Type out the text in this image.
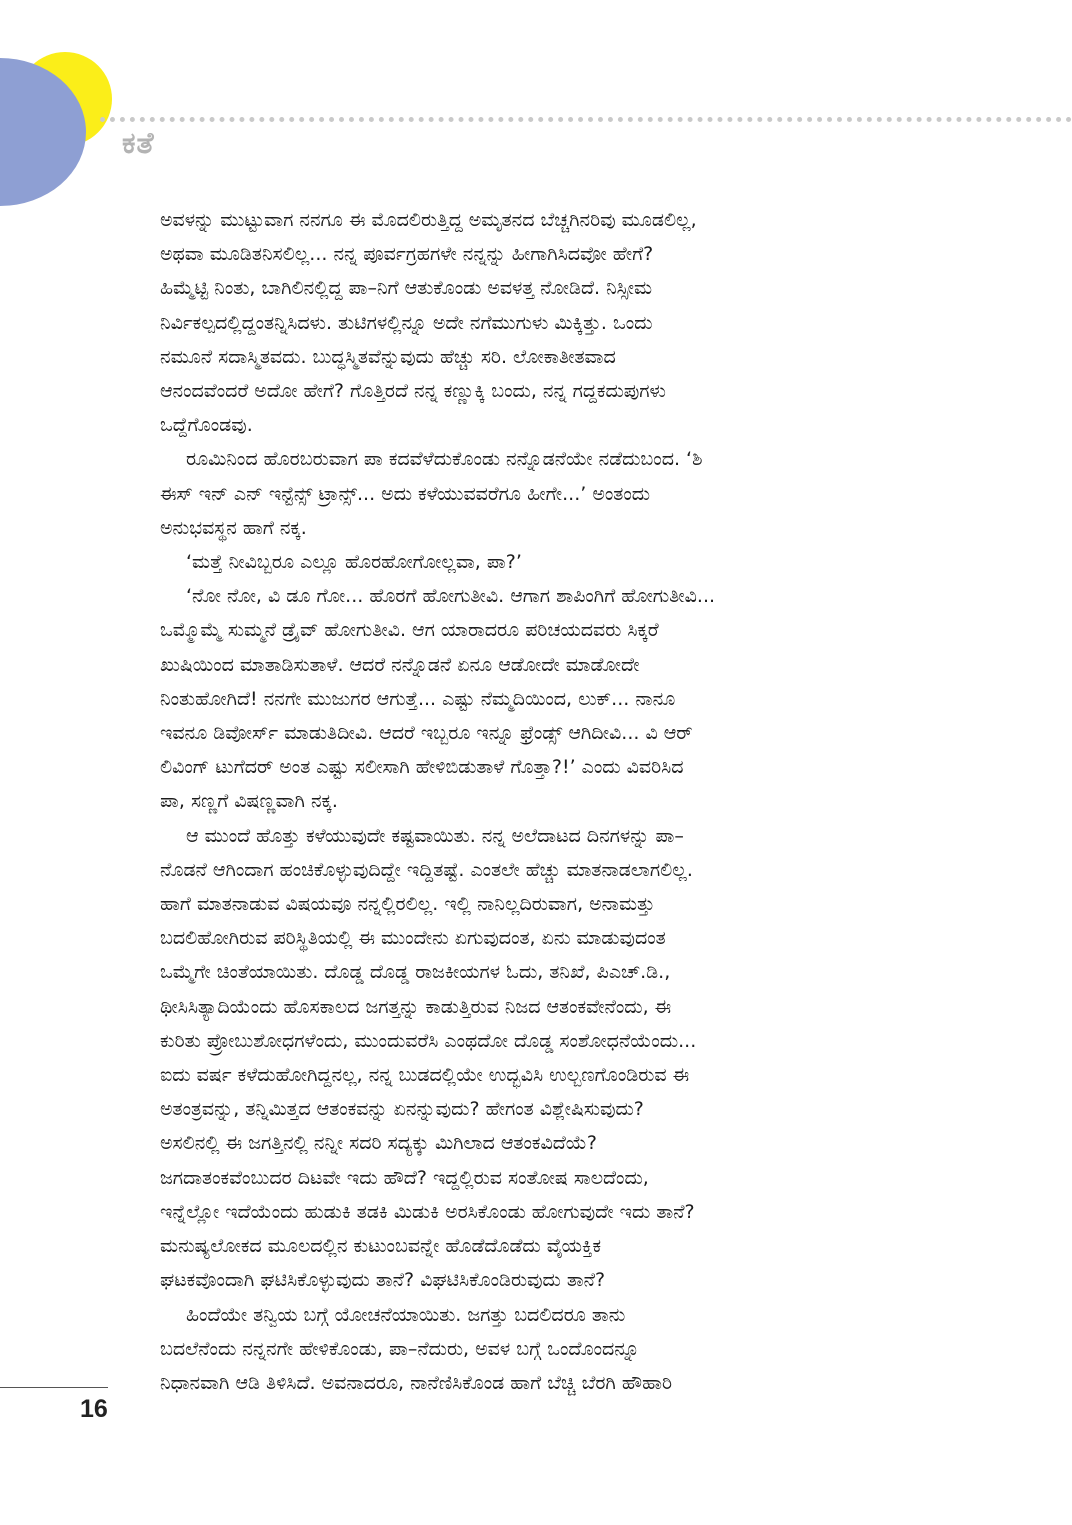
ಕತೆ

ಅವಳನ್ನು ಮುಟ್ಟುವಾಗ ನನಗೂ ಈ ಮೊದಲಿರುತ್ತಿದ್ದ ಅಮೃತನದ ಬೆಚ್ಚಗಿನರಿವು ಮೂಡಲಿಲ್ಲ,
ಅಥವಾ ಮೂಡಿತನಿಸಲಿಲ್ಲ... ನನ್ನ ಪೂರ್ವಗ್ರಹಗಳೇ ನನ್ನನ್ನು ಹೀಗಾಗಿಸಿದವೋ ಹೇಗೆ?
ಹಿಮ್ಮೆಟ್ಟಿ ನಿಂತು, ಬಾಗಿಲಿನಲ್ಲಿದ್ದ ಪಾ–ನಿಗೆ ಆತುಕೊಂಡು ಅವಳತ್ತ ನೋಡಿದೆ. ನಿಸ್ಸೀಮ
ನಿರ್ವಿಕಲ್ಪದಲ್ಲಿದ್ದಂತನ್ನಿಸಿದಳು. ತುಟಿಗಳಲ್ಲಿನ್ನೂ ಅದೇ ನಗೆಮುಗುಳು ಮಿಕ್ಕಿತ್ತು. ಒಂದು
ನಮೂನೆ ಸದಾಸ್ಮಿತವದು. ಬುದ್ಧಸ್ಮಿತವೆನ್ನುವುದು ಹೆಚ್ಚು ಸರಿ. ಲೋಕಾತೀತವಾದ
ಆನಂದವೆಂದರೆ ಅದೋ ಹೇಗೆ? ಗೊತ್ತಿರದೆ ನನ್ನ ಕಣ್ಣುಕ್ಕಿ ಬಂದು, ನನ್ನ ಗದ್ದಕದುಪುಗಳು
ಒದ್ದೆಗೊಂಡವು.

ರೂಮಿನಿಂದ ಹೊರಬರುವಾಗ ಪಾ ಕದವೆಳೆದುಕೊಂಡು ನನ್ನೊಡನೆಯೇ ನಡೆದುಬಂದ. ‘ಶಿ
ಈಸ್ ಇನ್ ಎನ್ ಇನ್ಟೆನ್ಸ್ ಟ್ರಾನ್ಸ್... ಅದು ಕಳೆಯುವವರೆಗೂ ಹೀಗೇ...’ ಅಂತಂದು
ಅನುಭವಸ್ಥನ ಹಾಗೆ ನಕ್ಕ.

‘ಮತ್ತೆ ನೀವಿಬ್ಬರೂ ಎಲ್ಲೂ ಹೊರಹೋಗೋಲ್ಲವಾ, ಪಾ?’

‘ನೋ ನೋ, ವಿ ಡೂ ಗೋ... ಹೊರಗೆ ಹೋಗುತೀವಿ. ಆಗಾಗ ಶಾಪಿಂಗಿಗೆ ಹೋಗುತೀವಿ...
ಒಮ್ಮೊಮ್ಮೆ ಸುಮ್ಮನೆ ಡ್ರೈವ್ ಹೋಗುತೀವಿ. ಆಗ ಯಾರಾದರೂ ಪರಿಚಯದವರು ಸಿಕ್ಕರೆ
ಖುಷಿಯಿಂದ ಮಾತಾಡಿಸುತಾಳೆ. ಆದರೆ ನನ್ನೊಡನೆ ಏನೂ ಆಡೋದೇ ಮಾಡೋದೇ
ನಿಂತುಹೋಗಿದೆ! ನನಗೇ ಮುಜುಗರ ಆಗುತ್ತೆ... ಎಷ್ಟು ನೆಮ್ಮದಿಯಿಂದ, ಲುಕ್... ನಾನೂ
ಇವನೂ ಡಿವೋರ್ಸ್ ಮಾಡುತಿದೀವಿ. ಆದರೆ ಇಬ್ಬರೂ ಇನ್ನೂ ಫ್ರೆಂಡ್ಸ್ ಆಗಿದೀವಿ... ವಿ ಆರ್
ಲಿವಿಂಗ್ ಟುಗೆದರ್ ಅಂತ ಎಷ್ಟು ಸಲೀಸಾಗಿ ಹೇಳಿಬಿಡುತಾಳೆ ಗೊತ್ತಾ?!’ ಎಂದು ವಿವರಿಸಿದ
ಪಾ, ಸಣ್ಣಗೆ ವಿಷಣ್ಣವಾಗಿ ನಕ್ಕ.

ಆ ಮುಂದೆ ಹೊತ್ತು ಕಳೆಯುವುದೇ ಕಷ್ಟವಾಯಿತು. ನನ್ನ ಅಲೆದಾಟದ ದಿನಗಳನ್ನು ಪಾ–
ನೊಡನೆ ಆಗಿಂದಾಗ ಹಂಚಿಕೊಳ್ಳುವುದಿದ್ದೇ ಇದ್ದಿತಷ್ಟೆ. ಎಂತಲೇ ಹೆಚ್ಚು ಮಾತನಾಡಲಾಗಲಿಲ್ಲ.
ಹಾಗೆ ಮಾತನಾಡುವ ವಿಷಯವೂ ನನ್ನಲ್ಲಿರಲಿಲ್ಲ. ಇಲ್ಲಿ ನಾನಿಲ್ಲದಿರುವಾಗ, ಅನಾಮತ್ತು
ಬದಲಿಹೋಗಿರುವ ಪರಿಸ್ಥಿತಿಯಲ್ಲಿ ಈ ಮುಂದೇನು ಏಗುವುದಂತ, ಏನು ಮಾಡುವುದಂತ
ಒಮ್ಮೆಗೇ ಚಿಂತೆಯಾಯಿತು. ದೊಡ್ಡ ದೊಡ್ಡ ರಾಜಕೀಯಗಳ ಓದು, ತನಿಖೆ, ಪಿಎಚ್.ಡಿ.,
ಥೀಸಿಸಿತ್ಯಾದಿಯೆಂದು ಹೊಸಕಾಲದ ಜಗತ್ತನ್ನು ಕಾಡುತ್ತಿರುವ ನಿಜದ ಆತಂಕವೇನೆಂದು, ಈ
ಕುರಿತು ಪ್ರೋಬುಶೋಧಗಳೆಂದು, ಮುಂದುವರೆಸಿ ಎಂಥದೋ ದೊಡ್ಡ ಸಂಶೋಧನೆಯೆಂದು...
ಐದು ವರ್ಷ ಕಳೆದುಹೋಗಿದ್ದನಲ್ಲ, ನನ್ನ ಬುಡದಲ್ಲಿಯೇ ಉದ್ಭವಿಸಿ ಉಲ್ಬಣಗೊಂಡಿರುವ ಈ
ಅತಂತ್ರವನ್ನು, ತನ್ನಿಮಿತ್ತದ ಆತಂಕವನ್ನು ಏನನ್ನುವುದು? ಹೇಗಂತ ವಿಶ್ಲೇಷಿಸುವುದು?
ಅಸಲಿನಲ್ಲಿ ಈ ಜಗತ್ತಿನಲ್ಲಿ ನನ್ನೀ ಸದರಿ ಸದ್ಯಕ್ಕು ಮಿಗಿಲಾದ ಆತಂಕವಿದೆಯೆ?
ಜಗದಾತಂಕವೆಂಬುದರ ದಿಟವೇ ಇದು ಹೌದೆ? ಇದ್ದಲ್ಲಿರುವ ಸಂತೋಷ ಸಾಲದೆಂದು,
ಇನ್ನೆಲ್ಲೋ ಇದೆಯೆಂದು ಹುಡುಕಿ ತಡಕಿ ಮಿಡುಕಿ ಅರಸಿಕೊಂಡು ಹೋಗುವುದೇ ಇದು ತಾನೆ?
ಮನುಷ್ಯಲೋಕದ ಮೂಲದಲ್ಲಿನ ಕುಟುಂಬವನ್ನೇ ಹೊಡೆದೊಡೆದು ವೈಯಕ್ತಿಕ
ಘಟಕವೊಂದಾಗಿ ಘಟಿಸಿಕೊಳ್ಳುವುದು ತಾನೆ? ವಿಘಟಿಸಿಕೊಂಡಿರುವುದು ತಾನೆ?

ಹಿಂದೆಯೇ ತನ್ವಿಯ ಬಗ್ಗೆ ಯೋಚನೆಯಾಯಿತು. ಜಗತ್ತು ಬದಲಿದರೂ ತಾನು
ಬದಲೆನೆಂದು ನನ್ನನಗೇ ಹೇಳಿಕೊಂಡು, ಪಾ–ನೆದುರು, ಅವಳ ಬಗ್ಗೆ ಒಂದೊಂದನ್ನೂ
ನಿಧಾನವಾಗಿ ಆಡಿ ತಿಳಿಸಿದೆ. ಅವನಾದರೂ, ನಾನೆಣಿಸಿಕೊಂಡ ಹಾಗೆ ಬೆಚ್ಚಿ ಬೆರಗಿ ಹೌಹಾರಿ

16
